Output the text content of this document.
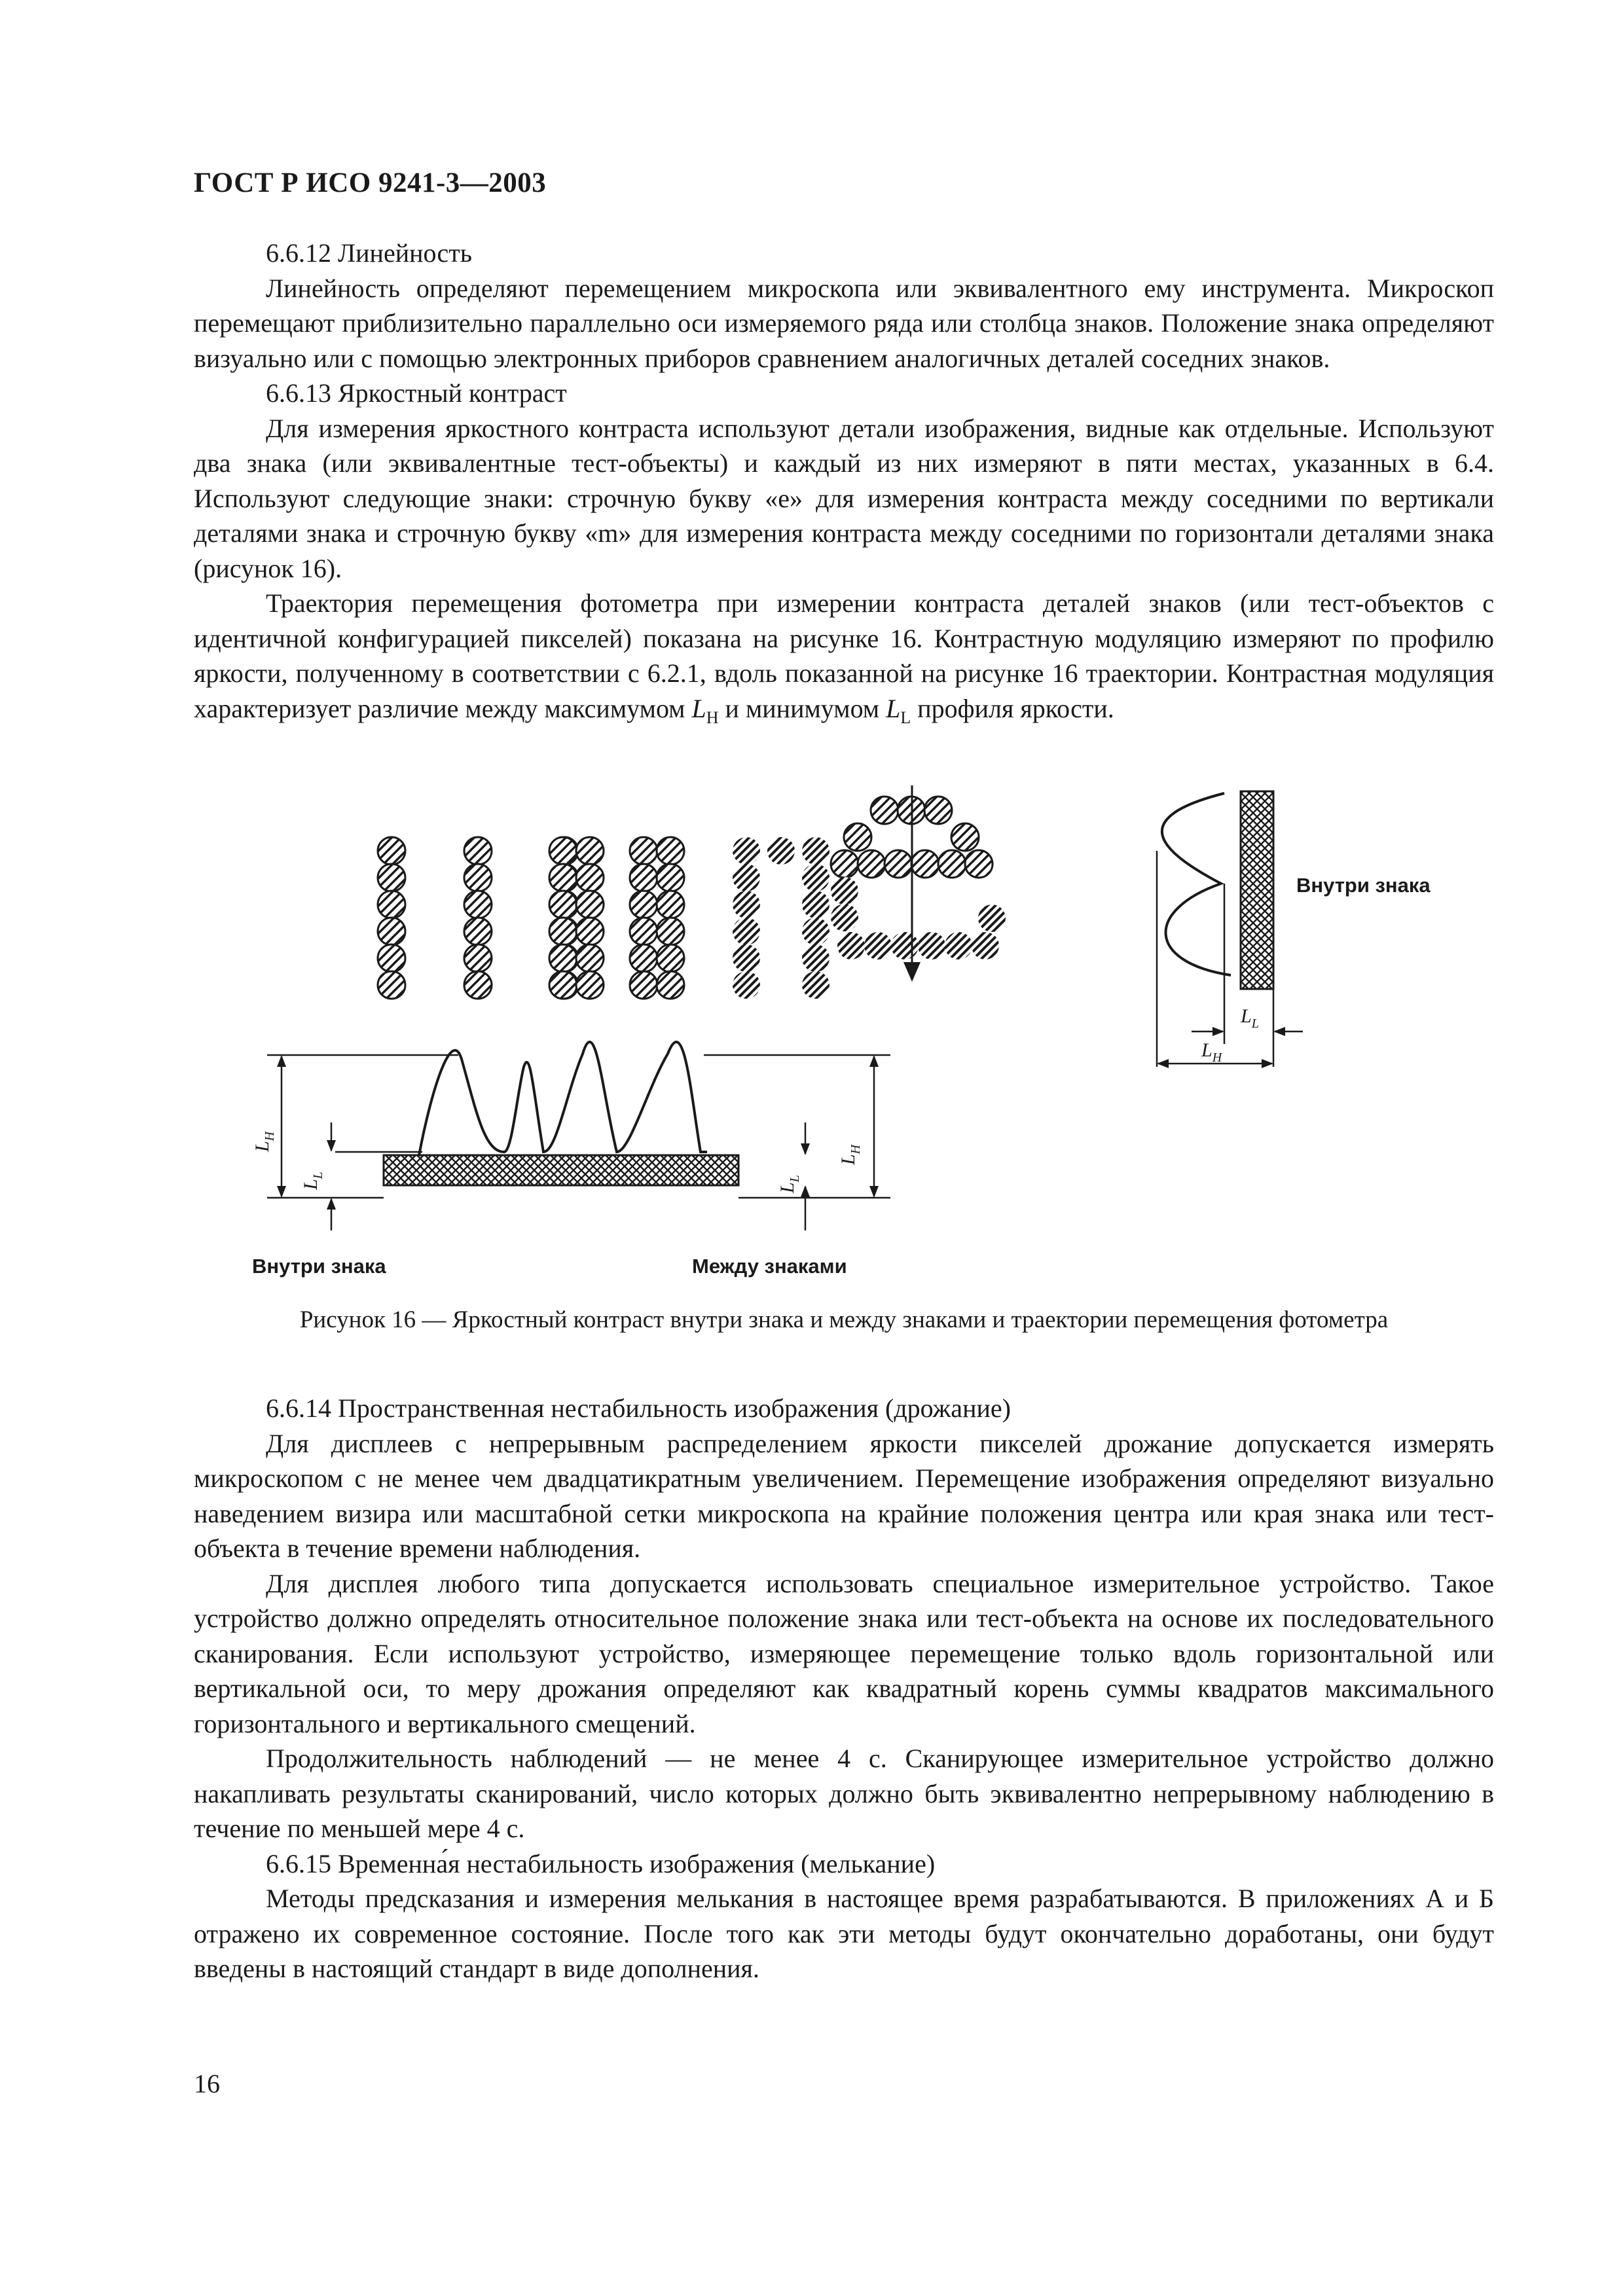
ГОСТ Р ИСО 9241-3—2003

6.6.12 Линейность

Линейность определяют перемещением микроскопа или эквивалентного ему инструмента. Микроскоп перемещают приблизительно параллельно оси измеряемого ряда или столбца знаков. Положение знака определяют визуально или с помощью электронных приборов сравнением аналогичных деталей соседних знаков.

6.6.13 Яркостный контраст

Для измерения яркостного контраста используют детали изображения, видные как отдельные. Используют два знака (или эквивалентные тест-объекты) и каждый из них измеряют в пяти местах, указанных в 6.4. Используют следующие знаки: строчную букву «е» для измерения контраста между соседними по вертикали деталями знака и строчную букву «m» для измерения контраста между соседними по горизонтали деталями знака (рисунок 16).

Траектория перемещения фотометра при измерении контраста деталей знаков (или тест-объектов с идентичной конфигурацией пикселей) показана на рисунке 16. Контрастную модуляцию измеряют по профилю яркости, полученному в соответствии с 6.2.1, вдоль показанной на рисунке 16 траектории. Контрастная модуляция характеризует различие между максимумом $L_H$ и минимумом $L_L$ профиля яркости.

$L_L$
$L_H$
Внутри знака
$L_H$
$L_L$
$L_H$
$L_L$
Внутри знака	Между знаками
Рисунок 16 — Яркостный контраст внутри знака и между знаками и траектории перемещения фотометра

6.6.14 Пространственная нестабильность изображения (дрожание)

Для дисплеев с непрерывным распределением яркости пикселей дрожание допускается измерять микроскопом с не менее чем двадцатикратным увеличением. Перемещение изображения определяют визуально наведением визира или масштабной сетки микроскопа на крайние положения центра или края знака или тест-объекта в течение времени наблюдения.

Для дисплея любого типа допускается использовать специальное измерительное устройство. Такое устройство должно определять относительное положение знака или тест-объекта на основе их последовательного сканирования. Если используют устройство, измеряющее перемещение только вдоль горизонтальной или вертикальной оси, то меру дрожания определяют как квадратный корень суммы квадратов максимального горизонтального и вертикального смещений.

Продолжительность наблюдений — не менее 4 с. Сканирующее измерительное устройство должно накапливать результаты сканирований, число которых должно быть эквивалентно непрерывному наблюдению в течение по меньшей мере 4 с.

6.6.15 Временна́я нестабильность изображения (мелькание)

Методы предсказания и измерения мелькания в настоящее время разрабатываются. В приложениях А и Б отражено их современное состояние. После того как эти методы будут окончательно доработаны, они будут введены в настоящий стандарт в виде дополнения.

16
